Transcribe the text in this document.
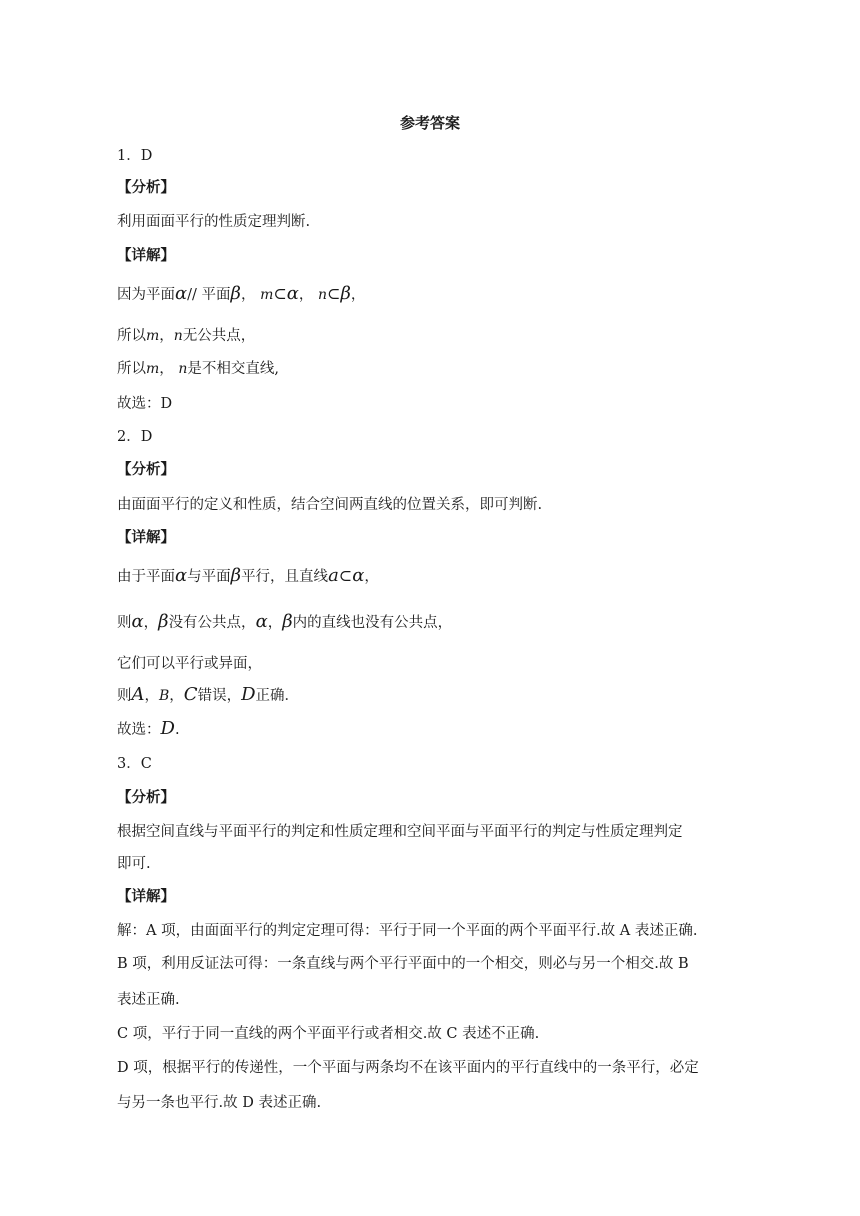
参考答案
1．D
【分析】
利用面面平行的性质定理判断.
【详解】
因为平面α// 平面β， m⊂α， n⊂β，
所以m，n无公共点，
所以m， n是不相交直线,
故选：D
2．D
【分析】
由面面平行的定义和性质，结合空间两直线的位置关系，即可判断.
【详解】
由于平面α与平面β平行，且直线a⊂α，
则α，β没有公共点，α，β内的直线也没有公共点，
它们可以平行或异面，
则A，B，C错误，D正确．
故选：D.
3．C
【分析】
根据空间直线与平面平行的判定和性质定理和空间平面与平面平行的判定与性质定理判定
即可.
【详解】
解：A 项，由面面平行的判定定理可得：平行于同一个平面的两个平面平行.故 A 表述正确.
B 项，利用反证法可得：一条直线与两个平行平面中的一个相交，则必与另一个相交.故 B
表述正确.
C 项，平行于同一直线的两个平面平行或者相交.故 C 表述不正确.
D 项，根据平行的传递性，一个平面与两条均不在该平面内的平行直线中的一条平行，必定
与另一条也平行.故 D 表述正确.
